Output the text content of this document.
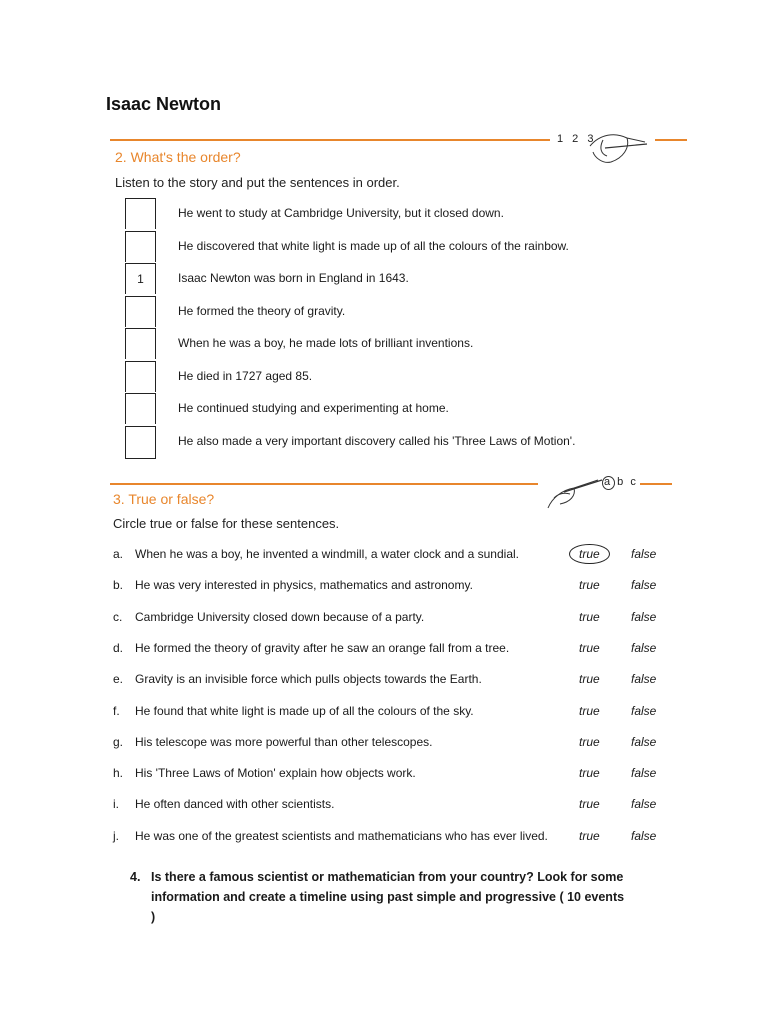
Isaac Newton
1 2 3
2. What's the order?
Listen to the story and put the sentences in order.
He went to study at Cambridge University, but it closed down.
He discovered that white light is made up of all the colours of the rainbow.
1	Isaac Newton was born in England in 1643.
He formed the theory of gravity.
When he was a boy, he made lots of brilliant inventions.
He died in 1727 aged 85.
He continued studying and experimenting at home.
He also made a very important discovery called his 'Three Laws of Motion'.
a b c
3. True or false?
Circle true or false for these sentences.
a. When he was a boy, he invented a windmill, a water clock and a sundial.	true	false
b. He was very interested in physics, mathematics and astronomy.	true	false
c. Cambridge University closed down because of a party.	true	false
d. He formed the theory of gravity after he saw an orange fall from a tree.	true	false
e. Gravity is an invisible force which pulls objects towards the Earth.	true	false
f. He found that white light is made up of all the colours of the sky.	true	false
g. His telescope was more powerful than other telescopes.	true	false
h. His 'Three Laws of Motion' explain how objects work.	true	false
i. He often danced with other scientists.	true	false
j. He was one of the greatest scientists and mathematicians who has ever lived.	true	false
4. Is there a famous scientist or mathematician from your country? Look for some information and create a timeline using past simple and progressive ( 10 events )
